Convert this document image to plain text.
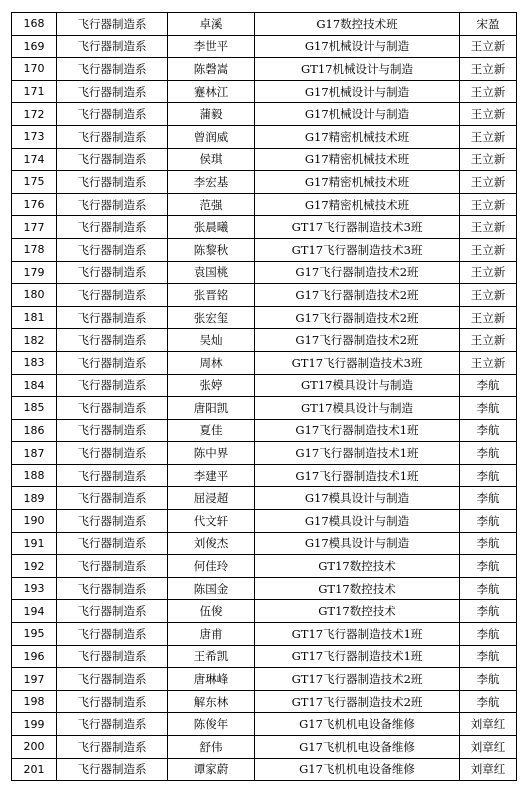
168	飞行器制造系	卓溪	G17数控技术班	宋盈
169	飞行器制造系	李世平	G17机械设计与制造	王立新
170	飞行器制造系	陈磬嵩	GT17机械设计与制造	王立新
171	飞行器制造系	蹇林江	G17机械设计与制造	王立新
172	飞行器制造系	蒲毅	G17机械设计与制造	王立新
173	飞行器制造系	曾润威	G17精密机械技术班	王立新
174	飞行器制造系	侯琪	G17精密机械技术班	王立新
175	飞行器制造系	李宏基	G17精密机械技术班	王立新
176	飞行器制造系	范强	G17精密机械技术班	王立新
177	飞行器制造系	张晨曦	GT17飞行器制造技术3班	王立新
178	飞行器制造系	陈黎秋	GT17飞行器制造技术3班	王立新
179	飞行器制造系	袁国桃	G17飞行器制造技术2班	王立新
180	飞行器制造系	张晋铭	G17飞行器制造技术2班	王立新
181	飞行器制造系	张宏玺	G17飞行器制造技术2班	王立新
182	飞行器制造系	吴灿	G17飞行器制造技术2班	王立新
183	飞行器制造系	周林	GT17飞行器制造技术3班	王立新
184	飞行器制造系	张婷	GT17模具设计与制造	李航
185	飞行器制造系	唐阳凯	GT17模具设计与制造	李航
186	飞行器制造系	夏佳	G17飞行器制造技术1班	李航
187	飞行器制造系	陈中界	G17飞行器制造技术1班	李航
188	飞行器制造系	李建平	G17飞行器制造技术1班	李航
189	飞行器制造系	屈浸超	G17模具设计与制造	李航
190	飞行器制造系	代文轩	G17模具设计与制造	李航
191	飞行器制造系	刘俊杰	G17模具设计与制造	李航
192	飞行器制造系	何佳玲	GT17数控技术	李航
193	飞行器制造系	陈国金	GT17数控技术	李航
194	飞行器制造系	伍俊	GT17数控技术	李航
195	飞行器制造系	唐甫	GT17飞行器制造技术1班	李航
196	飞行器制造系	王希凯	GT17飞行器制造技术1班	李航
197	飞行器制造系	唐琳峰	GT17飞行器制造技术2班	李航
198	飞行器制造系	解东林	GT17飞行器制造技术2班	李航
199	飞行器制造系	陈俊年	G17飞机机电设备维修	刘章红
200	飞行器制造系	舒伟	G17飞机机电设备维修	刘章红
201	飞行器制造系	谭家蔚	G17飞机机电设备维修	刘章红
